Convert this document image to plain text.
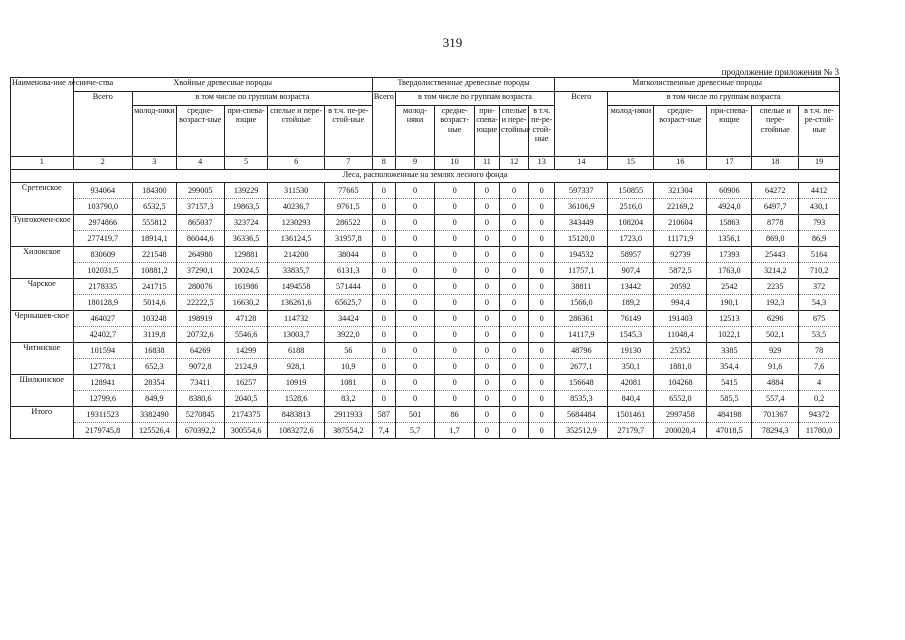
319
продолжение приложения № 3
Наименова-ние лесниче-ства	Хвойные древесные породы						Твердолиственные древесные породы						Мягколиственные древесные породы					
	Всего	в том числе по группам возраста					Всего	в том числе по группам возраста					Всего	в том числе по группам возраста				
		молод-няки	средне-возраст-ные	при-спева-ющие	спелые и пере-стойные	в т.ч. пе-ре-стой-ные		молод-няки	средне-возраст-ные	при-спева-ющие	спелые и пере-стойные	в т.ч. пе-ре-стой-ные		молод-няки	средне-возраст-ные	при-спева-ющие	спелые и пере-стойные	в т.ч. пе-ре-стой-ные
1	2	3	4	5	6	7	8	9	10	11	12	13	14	15	16	17	18	19
Леса, расположенные на землях лесного фонда																		
Сретенское	934064	184300	299005	139229	311530	77665	0	0	0	0	0	0	597337	150855	321304	60906	64272	4412
	103790,0	6532,5	37157,3	19863,5	40236,7	9761,5	0	0	0	0	0	0	36106,9	2516,0	22169,2	4924,0	6497,7	430,1
Тунгокочен-ское	2974866	555812	865037	323724	1230293	286522	0	0	0	0	0	0	343449	108204	210604	15863	8778	793
	277419,7	18914,1	86044,6	36336,5	136124,5	31957,8	0	0	0	0	0	0	15120,0	1723,0	11171,9	1356,1	869,0	86,9
Хилокское	830609	221548	264980	129881	214200	38044	0	0	0	0	0	0	194532	58957	92739	17393	25443	5164
	102031,5	10881,2	37290,1	20024,5	33835,7	6131,3	0	0	0	0	0	0	11757,1	907,4	5872,5	1763,0	3214,2	710,2
Чарское	2178335	241715	280076	161986	1494558	571444	0	0	0	0	0	0	38811	13442	20592	2542	2235	372
	180128,9	5014,6	22222,5	16630,2	136261,6	65625,7	0	0	0	0	0	0	1566,0	189,2	994,4	190,1	192,3	54,3
Чернышев-ское	464027	103248	198919	47128	114732	34424	0	0	0	0	0	0	286361	76149	191403	12513	6296	675
	42402,7	3119,8	20732,6	5546,6	13003,7	3922,0	0	0	0	0	0	0	14117,9	1545,3	11048,4	1022,1	502,1	53,5
Читинское	101594	16838	64269	14299	6188	56	0	0	0	0	0	0	48796	19130	25352	3385	929	78
	12778,1	652,3	9072,8	2124,9	928,1	10,9	0	0	0	0	0	0	2677,1	350,1	1881,0	354,4	91,6	7,6
Шилкинское	128941	28354	73411	16257	10919	1081	0	0	0	0	0	0	156648	42081	104268	5415	4884	4
	12799,6	849,9	8380,6	2040,5	1528,6	83,2	0	0	0	0	0	0	8535,3	840,4	6552,0	585,5	557,4	0,2
Итого	19311523	3382490	5270845	2174375	8483813	2911933	587	501	86	0	0	0	5684484	1501461	2997458	484198	701367	94372
	2179745,8	125526,4	670392,2	300554,6	1083272,6	387554,2	7,4	5,7	1,7	0	0	0	352512,9	27179,7	200020,4	47018,5	78294,3	11780,0
